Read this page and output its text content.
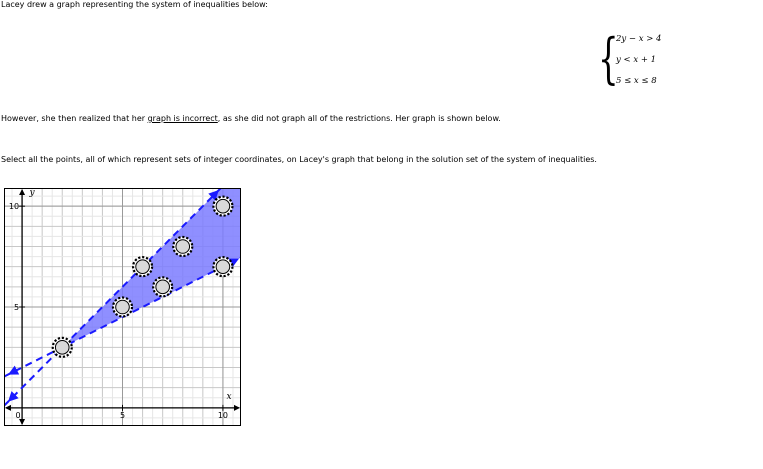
Lacey drew a graph representing the system of inequalities below:
{
2y − x > 4
y < x + 1
5 ≤ x ≤ 8
However, she then realized that her graph is incorrect, as she did not graph all of the restrictions. Her graph is shown below.
Select all the points, all of which represent sets of integer coordinates, on Lacey's graph that belong in the solution set of the system of inequalities.
0	5	10
5
10
x
y
